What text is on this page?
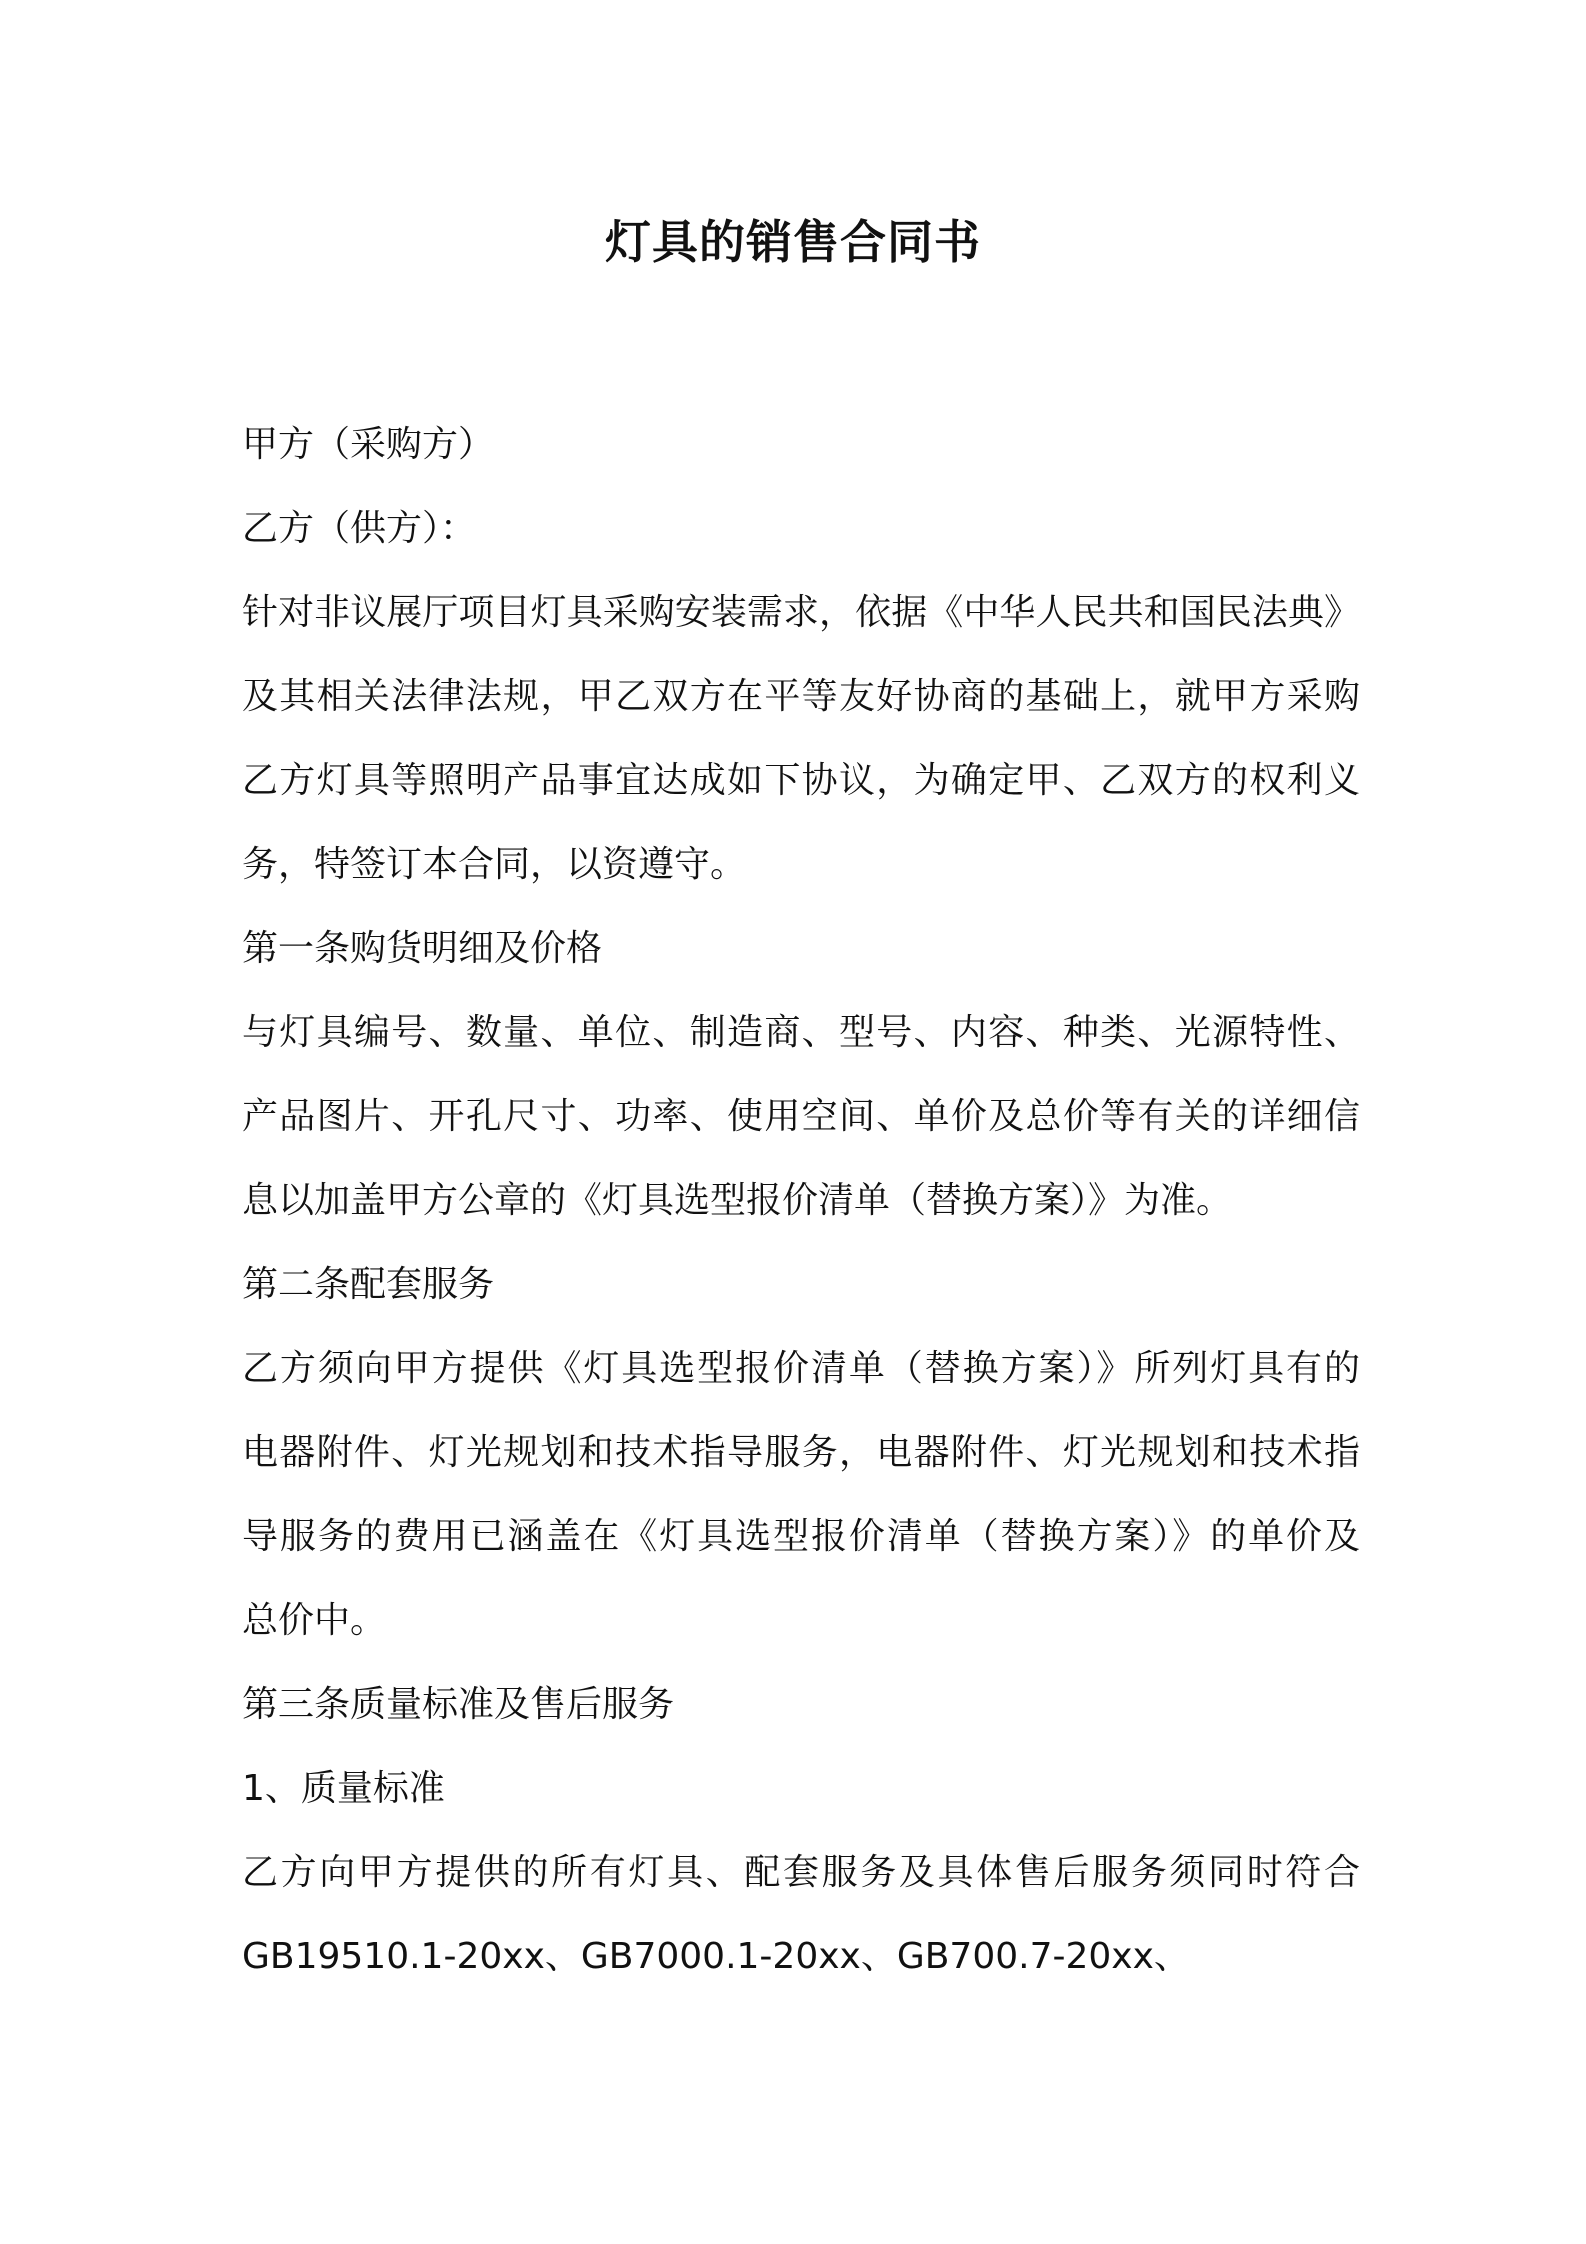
灯具的销售合同书
甲方（采购方）
乙方（供方）：
针对非议展厅项目灯具采购安装需求，依据《中华人民共和国民法典》
及其相关法律法规，甲乙双方在平等友好协商的基础上，就甲方采购
乙方灯具等照明产品事宜达成如下协议，为确定甲、乙双方的权利义
务，特签订本合同，以资遵守。
第一条购货明细及价格
与灯具编号、数量、单位、制造商、型号、内容、种类、光源特性、
产品图片、开孔尺寸、功率、使用空间、单价及总价等有关的详细信
息以加盖甲方公章的《灯具选型报价清单（替换方案）》为准。
第二条配套服务
乙方须向甲方提供《灯具选型报价清单（替换方案）》所列灯具有的
电器附件、灯光规划和技术指导服务，电器附件、灯光规划和技术指
导服务的费用已涵盖在《灯具选型报价清单（替换方案）》的单价及
总价中。
第三条质量标准及售后服务
1、质量标准
乙方向甲方提供的所有灯具、配套服务及具体售后服务须同时符合
GB19510.1-20xx、GB7000.1-20xx、GB700.7-20xx、
